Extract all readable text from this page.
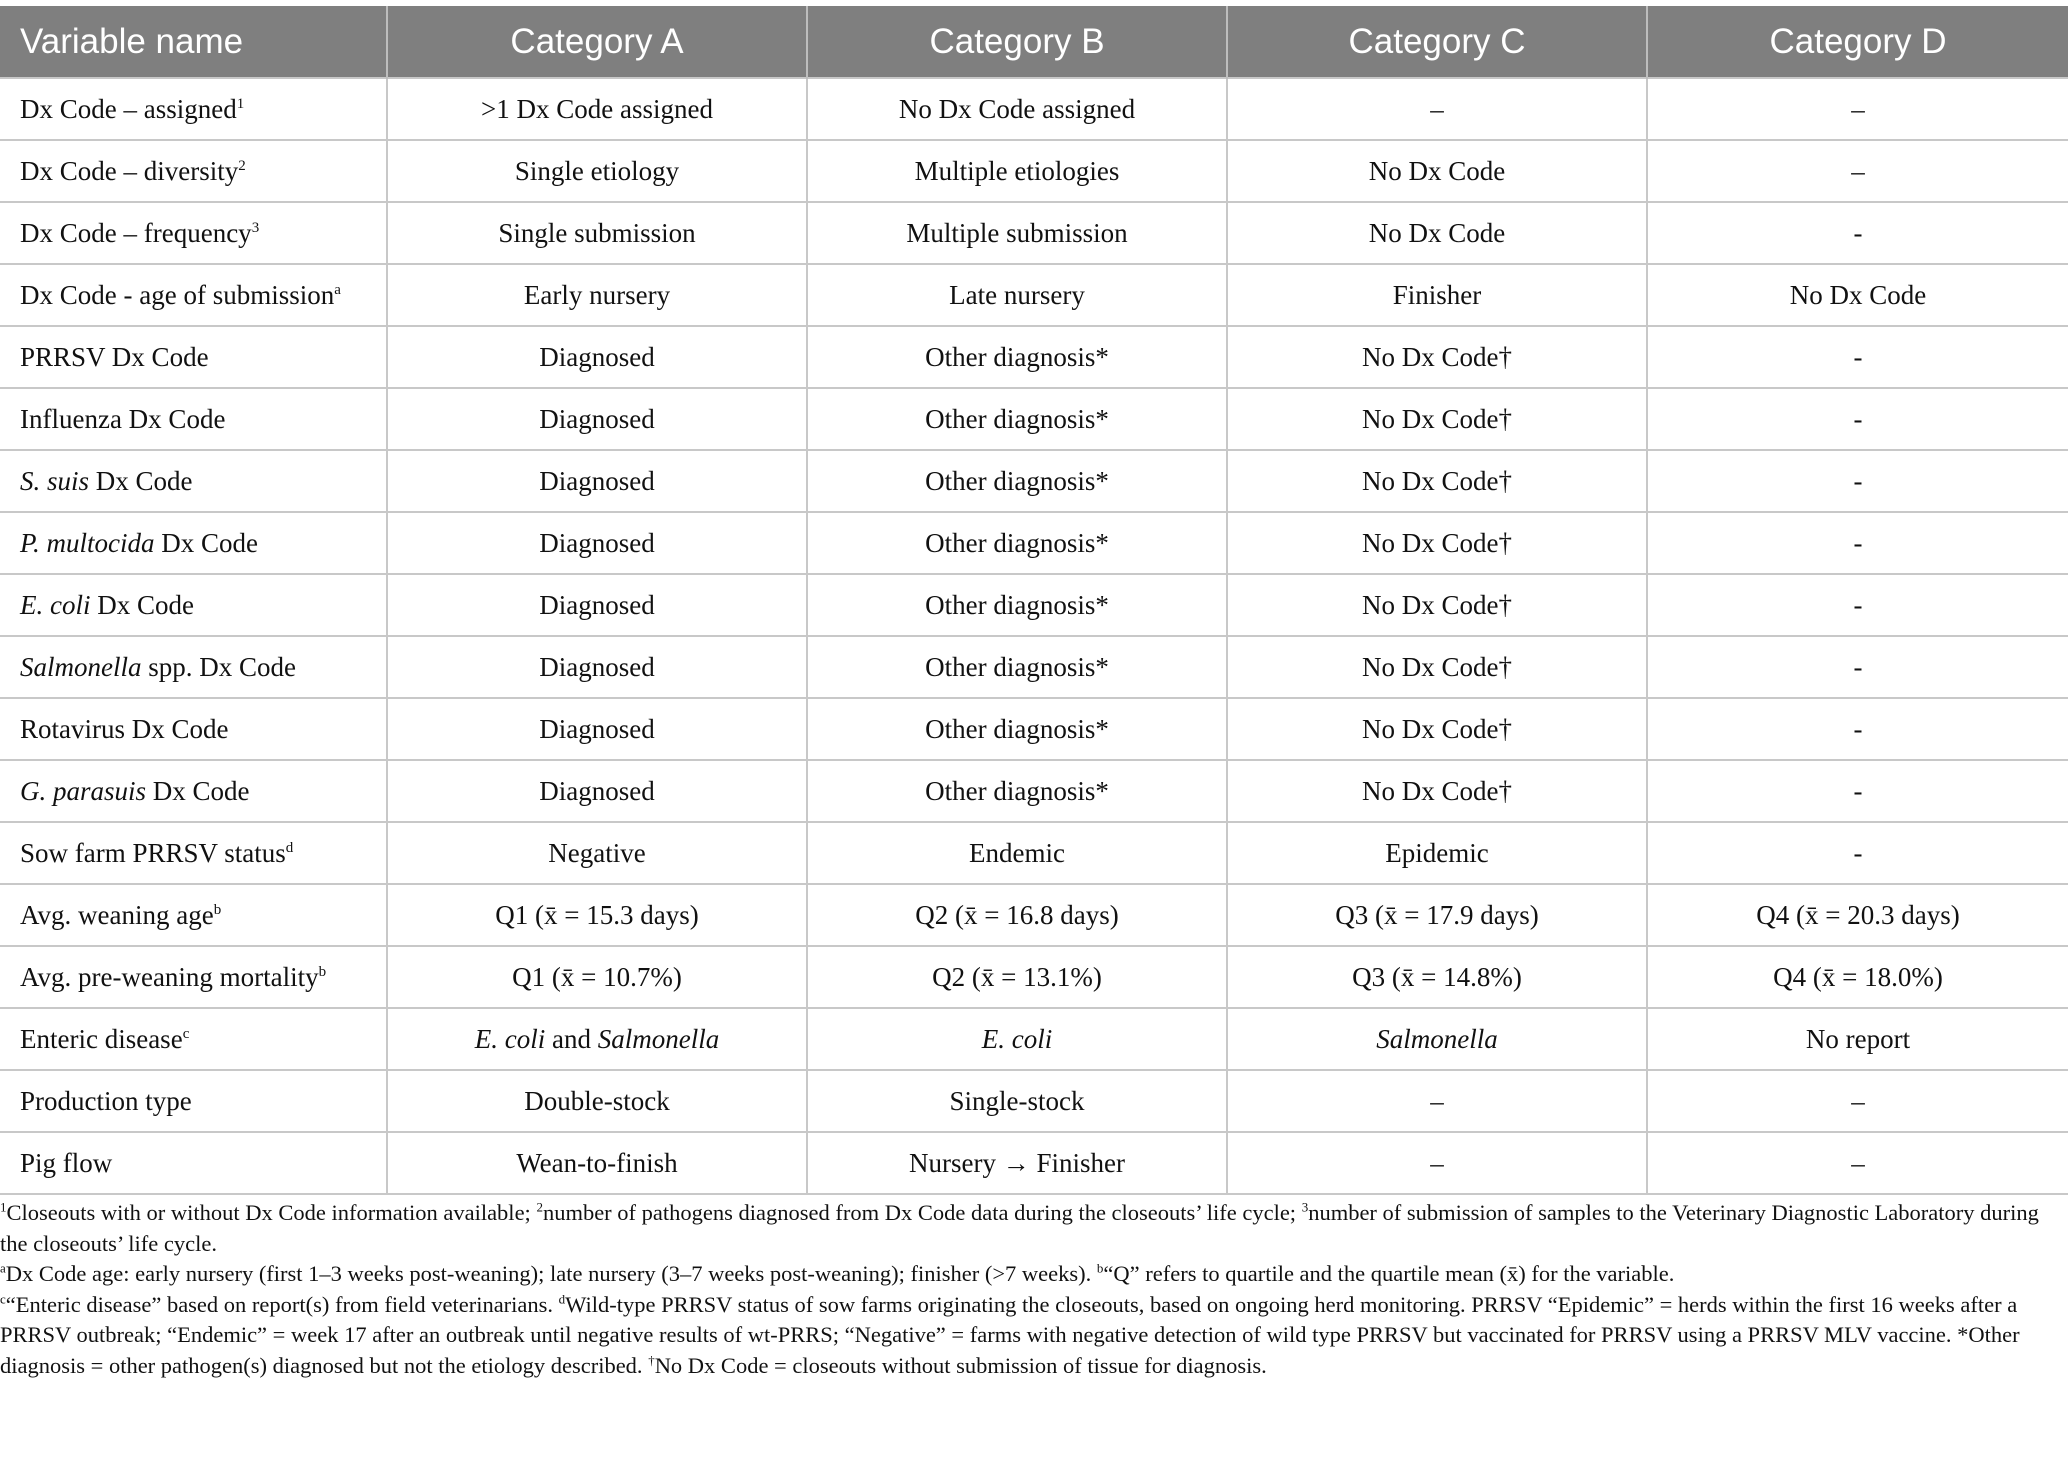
Variable name	Category A	Category B	Category C	Category D
Dx Code – assigned$^1$	>1 Dx Code assigned	No Dx Code assigned	–	–
Dx Code – diversity$^2$	Single etiology	Multiple etiologies	No Dx Code	–
Dx Code – frequency$^3$	Single submission	Multiple submission	No Dx Code	-
Dx Code - age of submission$^a$	Early nursery	Late nursery	Finisher	No Dx Code
PRRSV Dx Code	Diagnosed	Other diagnosis*	No Dx Code†	-
Influenza Dx Code	Diagnosed	Other diagnosis*	No Dx Code†	-
S. suis Dx Code	Diagnosed	Other diagnosis*	No Dx Code†	-
P. multocida Dx Code	Diagnosed	Other diagnosis*	No Dx Code†	-
E. coli Dx Code	Diagnosed	Other diagnosis*	No Dx Code†	-
Salmonella spp. Dx Code	Diagnosed	Other diagnosis*	No Dx Code†	-
Rotavirus Dx Code	Diagnosed	Other diagnosis*	No Dx Code†	-
G. parasuis Dx Code	Diagnosed	Other diagnosis*	No Dx Code†	-
Sow farm PRRSV status$^d$	Negative	Endemic	Epidemic	-
Avg. weaning age$^b$	Q1 (x̄ = 15.3 days)	Q2 (x̄ = 16.8 days)	Q3 (x̄ = 17.9 days)	Q4 (x̄ = 20.3 days)
Avg. pre-weaning mortality$^b$	Q1 (x̄ = 10.7%)	Q2 (x̄ = 13.1%)	Q3 (x̄ = 14.8%)	Q4 (x̄ = 18.0%)
Enteric disease$^c$	E. coli and Salmonella	E. coli	Salmonella	No report
Production type	Double-stock	Single-stock	–	–
Pig flow	Wean-to-finish	Nursery → Finisher	–	–

$^1$Closeouts with or without Dx Code information available; $^2$number of pathogens diagnosed from Dx Code data during the closeouts’ life cycle; $^3$number of submission of samples to the Veterinary Diagnostic Laboratory during the closeouts’ life cycle.

$^a$Dx Code age: early nursery (first 1–3 weeks post-weaning); late nursery (3–7 weeks post-weaning); finisher (>7 weeks). $^b$“Q” refers to quartile and the quartile mean (x̄) for the variable.

$^c$“Enteric disease” based on report(s) from field veterinarians. $^d$Wild-type PRRSV status of sow farms originating the closeouts, based on ongoing herd monitoring. PRRSV “Epidemic” = herds within the first 16 weeks after a PRRSV outbreak; “Endemic” = week 17 after an outbreak until negative results of wt-PRRS; “Negative” = farms with negative detection of wild type PRRSV but vaccinated for PRRSV using a PRRSV MLV vaccine. *Other diagnosis = other pathogen(s) diagnosed but not the etiology described. †No Dx Code = closeouts without submission of tissue for diagnosis.
